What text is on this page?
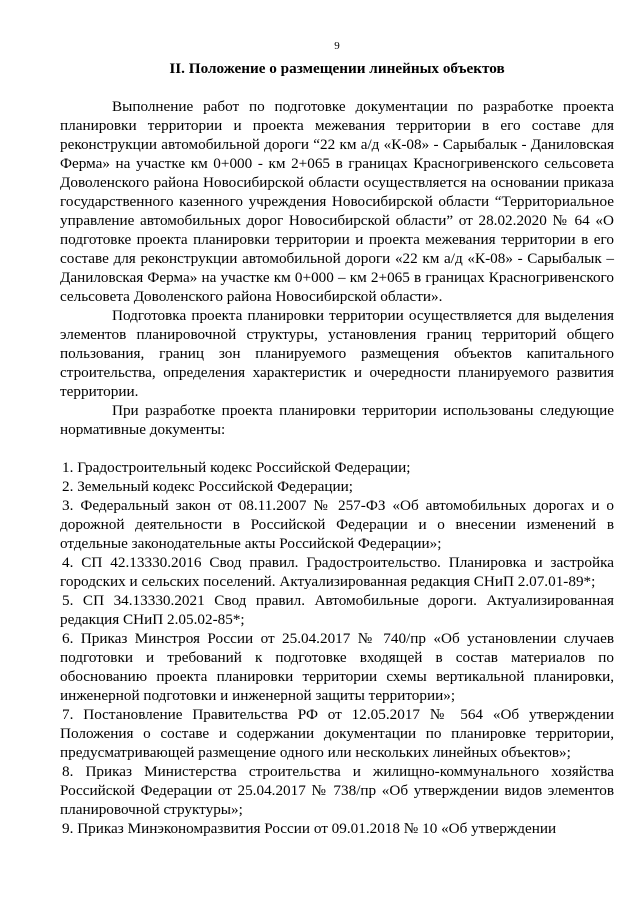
9
II. Положение о размещении линейных объектов

Выполнение работ по подготовке документации по разработке проекта планировки территории и проекта межевания территории в его составе для реконструкции автомобильной дороги “22 км а/д «К-08» - Сарыбалык - Даниловская Ферма» на участке км 0+000 - км 2+065 в границах Красногривенского сельсовета Доволенского района Новосибирской области осуществляется на основании приказа государственного казенного учреждения Новосибирской области “Территориальное управление автомобильных дорог Новосибирской области” от 28.02.2020 № 64 «О подготовке проекта планировки территории и проекта межевания территории в его составе для реконструкции автомобильной дороги «22 км а/д «К-08» - Сарыбалык – Даниловская Ферма» на участке км 0+000 – км 2+065 в границах Красногривенского сельсовета Доволенского района Новосибирской области».

Подготовка проекта планировки территории осуществляется для выделения элементов планировочной структуры, установления границ территорий общего пользования, границ зон планируемого размещения объектов капитального строительства, определения характеристик и очередности планируемого развития территории.

При разработке проекта планировки территории использованы следующие нормативные документы:

1. Градостроительный кодекс Российской Федерации;

2. Земельный кодекс Российской Федерации;

3. Федеральный закон от 08.11.2007 № 257-ФЗ «Об автомобильных дорогах и о дорожной деятельности в Российской Федерации и о внесении изменений в отдельные законодательные акты Российской Федерации»;

4. СП 42.13330.2016 Свод правил. Градостроительство. Планировка и застройка городских и сельских поселений. Актуализированная редакция СНиП 2.07.01-89*;

5. СП 34.13330.2021 Свод правил. Автомобильные дороги. Актуализированная редакция СНиП 2.05.02-85*;

6. Приказ Минстроя России от 25.04.2017 № 740/пр «Об установлении случаев подготовки и требований к подготовке входящей в состав материалов по обоснованию проекта планировки территории схемы вертикальной планировки, инженерной подготовки и инженерной защиты территории»;

7. Постановление Правительства РФ от 12.05.2017 № 564 «Об утверждении Положения о составе и содержании документации по планировке территории, предусматривающей размещение одного или нескольких линейных объектов»;

8. Приказ Министерства строительства и жилищно-коммунального хозяйства Российской Федерации от 25.04.2017 № 738/пр «Об утверждении видов элементов планировочной структуры»;

9. Приказ Минэкономразвития России от 09.01.2018 № 10 «Об утверждении
